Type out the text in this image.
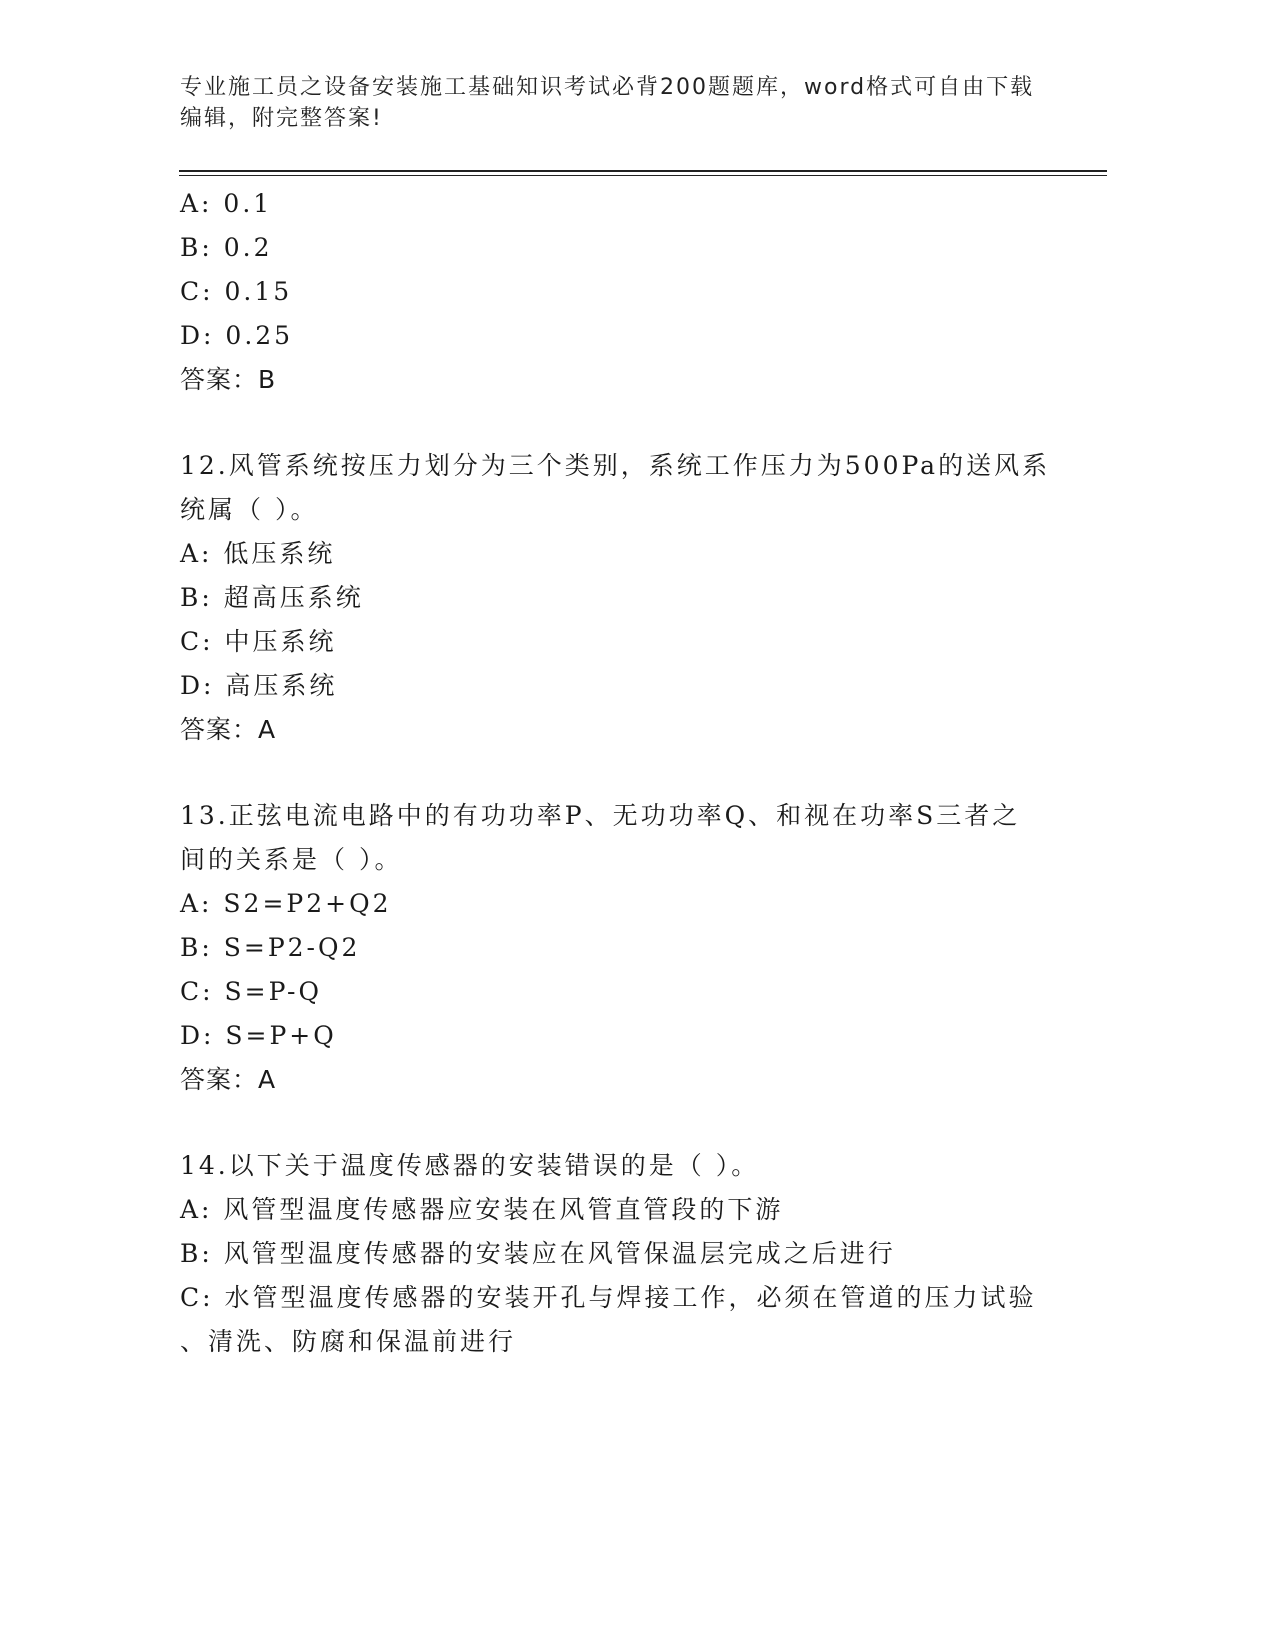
专业施工员之设备安装施工基础知识考试必背200题题库，word格式可自由下载
编辑，附完整答案!
A: 0.1
B: 0.2
C: 0.15
D: 0.25
答案：B
12.风管系统按压力划分为三个类别，系统工作压力为500Pa的送风系
统属（ ）。
A: 低压系统
B: 超高压系统
C: 中压系统
D: 高压系统
答案：A
13.正弦电流电路中的有功功率P、无功功率Q、和视在功率S三者之
间的关系是（ ）。
A: S2=P2+Q2
B: S=P2-Q2
C: S=P-Q
D: S=P+Q
答案：A
14.以下关于温度传感器的安装错误的是（ ）。
A: 风管型温度传感器应安装在风管直管段的下游
B: 风管型温度传感器的安装应在风管保温层完成之后进行
C: 水管型温度传感器的安装开孔与焊接工作，必须在管道的压力试验
、清洗、防腐和保温前进行
